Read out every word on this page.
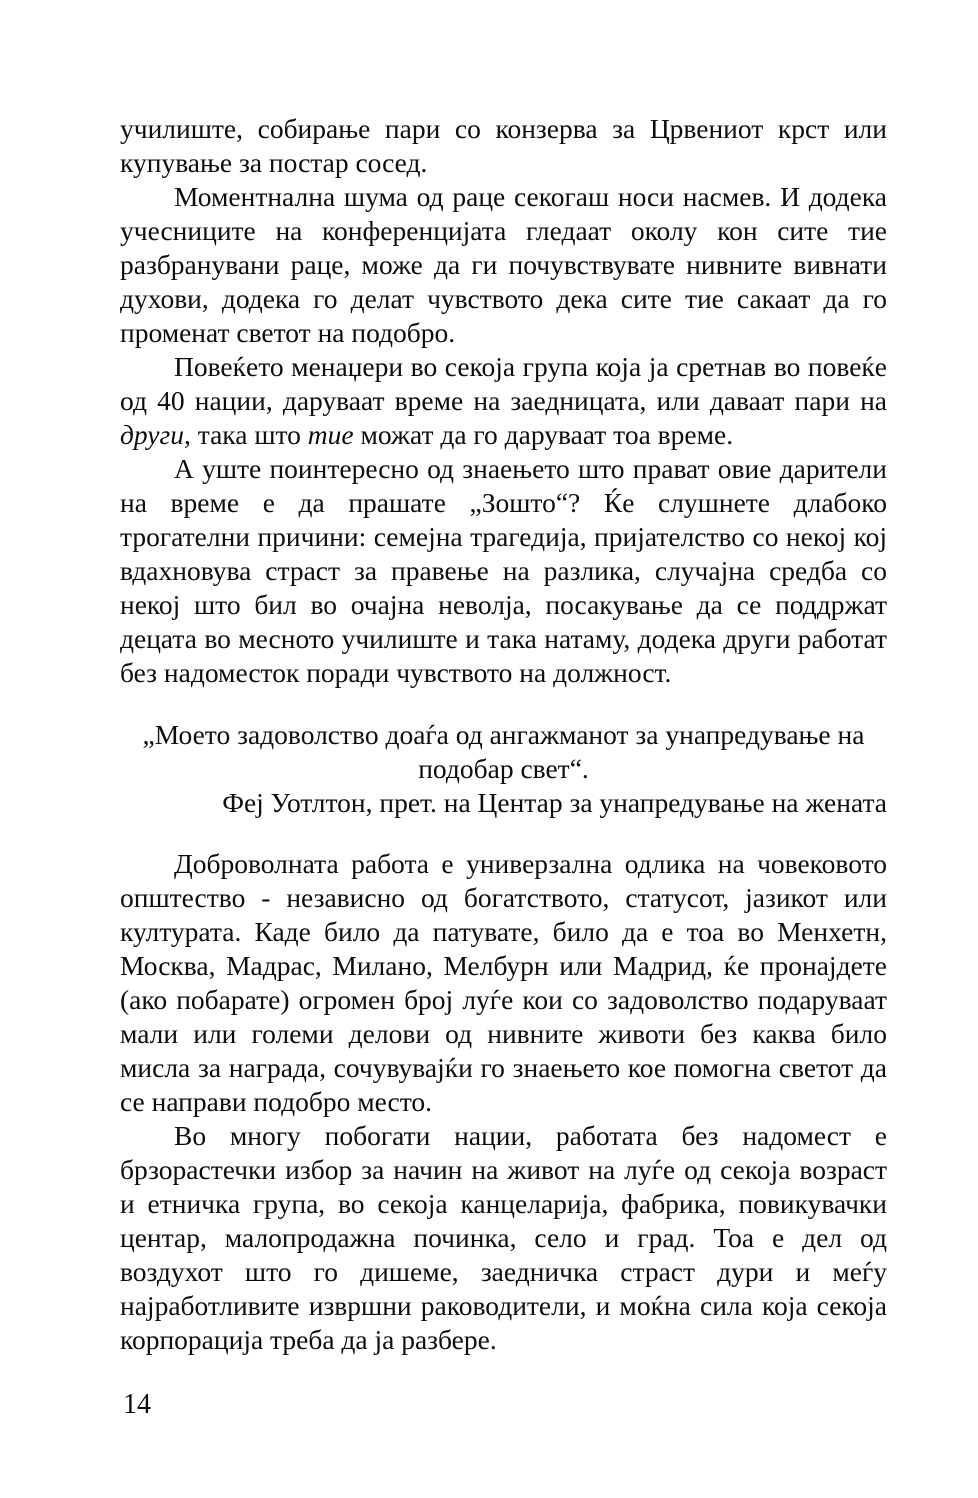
училиште, собирање пари со конзерва за Црвениот крст или купување за постар сосед.

Моментнална шума од раце секогаш носи насмев. И додека учесниците на конференцијата гледаат околу кон сите тие разбранувани раце, може да ги почувствувате нивните вивнати духови, додека го делат чувството дека сите тие сакаат да го променат светот на подобро.

Повеќето менаџери во секоја група која ја сретнав во повеќе од 40 нации, даруваат време на заедницата, или даваат пари на други, така што тие можат да го даруваат тоа време.

А уште поинтересно од знаењето што прават овие дарители на време е да прашате „Зошто“? Ќе слушнете длабоко трогателни причини: семејна трагедија, пријателство со некој кој вдахновува страст за правење на разлика, случајна средба со некој што бил во очајна неволја, посакување да се поддржат децата во месното училиште и така натаму, додека други работат без надоместок поради чувството на должност.

„Моето задоволство доаѓа од ангажманот за унапредување на подобар свет“.
Феј Уотлтон, прет. на Центар за унапредување на жената

Доброволната работа е универзална одлика на човековото општество - независно од богатството, статусот, јазикот или културата. Каде било да патувате, било да е тоа во Менхетн, Москва, Мадрас, Милано, Мелбурн или Мадрид, ќе пронајдете (ако побарате) огромен број луѓе кои со задоволство подаруваат мали или големи делови од нивните животи без каква било мисла за награда, сочувувајќи го знаењето кое помогна светот да се направи подобро место.

Во многу побогати нации, работата без надомест е брзорастечки избор за начин на живот на луѓе од секоја возраст и етничка група, во секоја канцеларија, фабрика, повикувачки центар, малопродажна починка, село и град. Тоа е дел од воздухот што го дишеме, заедничка страст дури и меѓу најработливите извршни раководители, и моќна сила која секоја корпорација треба да ја разбере.

14
